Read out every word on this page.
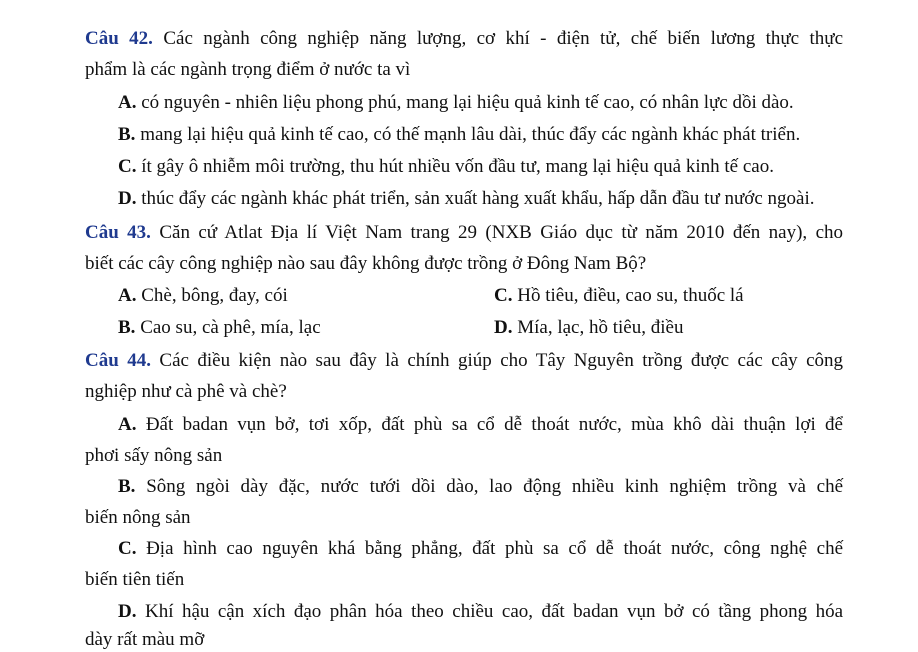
Câu 42. Các ngành công nghiệp năng lượng, cơ khí - điện tử, chế biến lương thực thực
phẩm là các ngành trọng điểm ở nước ta vì
A. có nguyên - nhiên liệu phong phú, mang lại hiệu quả kinh tế cao, có nhân lực dồi dào.
B. mang lại hiệu quả kinh tế cao, có thế mạnh lâu dài, thúc đẩy các ngành khác phát triển.
C. ít gây ô nhiễm môi trường, thu hút nhiều vốn đầu tư, mang lại hiệu quả kinh tế cao.
D. thúc đẩy các ngành khác phát triển, sản xuất hàng xuất khẩu, hấp dẫn đầu tư nước ngoài.
Câu 43. Căn cứ Atlat Địa lí Việt Nam trang 29 (NXB Giáo dục từ năm 2010 đến nay), cho
biết các cây công nghiệp nào sau đây không được trồng ở Đông Nam Bộ?
A. Chè, bông, đay, cói	C. Hồ tiêu, điều, cao su, thuốc lá
B. Cao su, cà phê, mía, lạc	D. Mía, lạc, hồ tiêu, điều
Câu 44. Các điều kiện nào sau đây là chính giúp cho Tây Nguyên trồng được các cây công
nghiệp như cà phê và chè?
A. Đất badan vụn bở, tơi xốp, đất phù sa cổ dễ thoát nước, mùa khô dài thuận lợi để
phơi sấy nông sản
B. Sông ngòi dày đặc, nước tưới dồi dào, lao động nhiều kinh nghiệm trồng và chế
biến nông sản
C. Địa hình cao nguyên khá bằng phẳng, đất phù sa cổ dễ thoát nước, công nghệ chế
biến tiên tiến
D. Khí hậu cận xích đạo phân hóa theo chiều cao, đất badan vụn bở có tầng phong hóa
dày rất màu mỡ
